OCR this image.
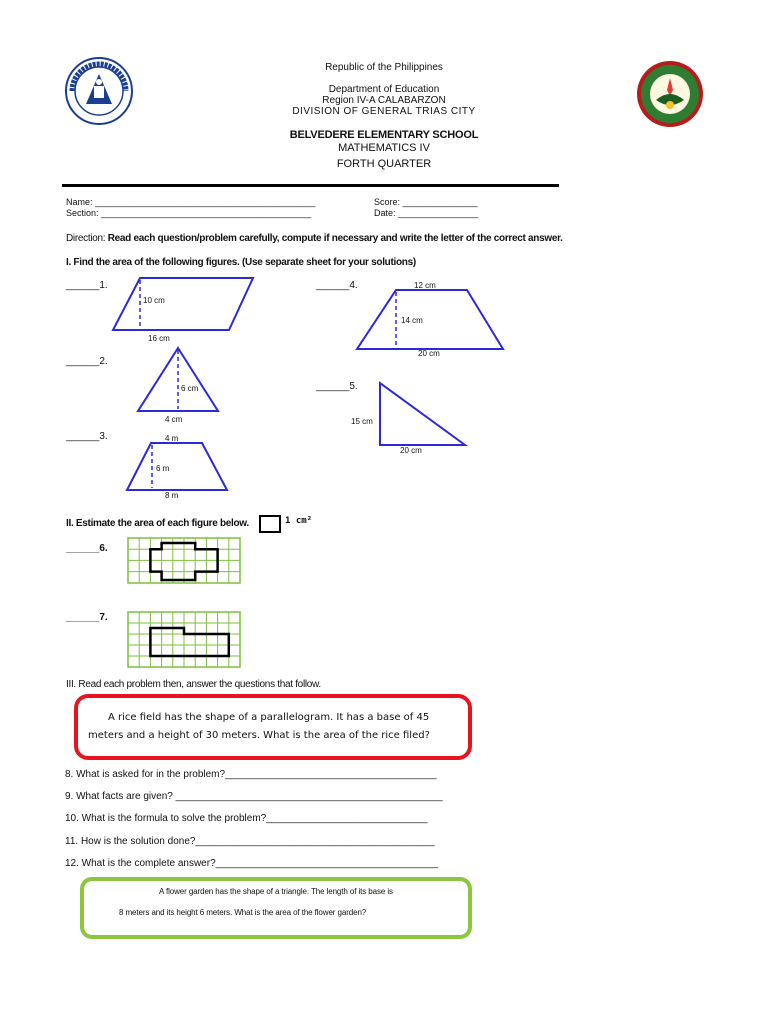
Republic of the Philippines
Department of Education
Region IV-A CALABARZON
DIVISION OF GENERAL TRIAS CITY
BELVEDERE ELEMENTARY SCHOOL
MATHEMATICS IV
FORTH QUARTER
Name: ____________________________________________
Section: __________________________________________
Score: _______________
Date: ________________
Direction: Read each question/problem carefully, compute if necessary and write the letter of the correct answer.
I. Find the area of the following figures. (Use separate sheet for your solutions)
______1.
______2.
______3.
______4.
______5.
10 cm
16 cm
6 cm
4 cm
4 m
6 m
8 m
12 cm
14 cm
20 cm
15 cm
20 cm
II. Estimate the area of each figure below.	1 cm²
______6.
______7.
III. Read each problem then, answer the questions that follow.
A rice field has the shape of a parallelogram. It has a base of 45 meters and a height of 30 meters. What is the area of the rice filed?
8. What is asked for in the problem?______________________________________
9. What facts are given? ________________________________________________
10. What is the formula to solve the problem?_____________________________
11. How is the solution done?___________________________________________
12. What is the complete answer?________________________________________
A flower garden has the shape of a triangle. The length of its base is
8 meters and its height 6 meters. What is the area of the flower garden?
